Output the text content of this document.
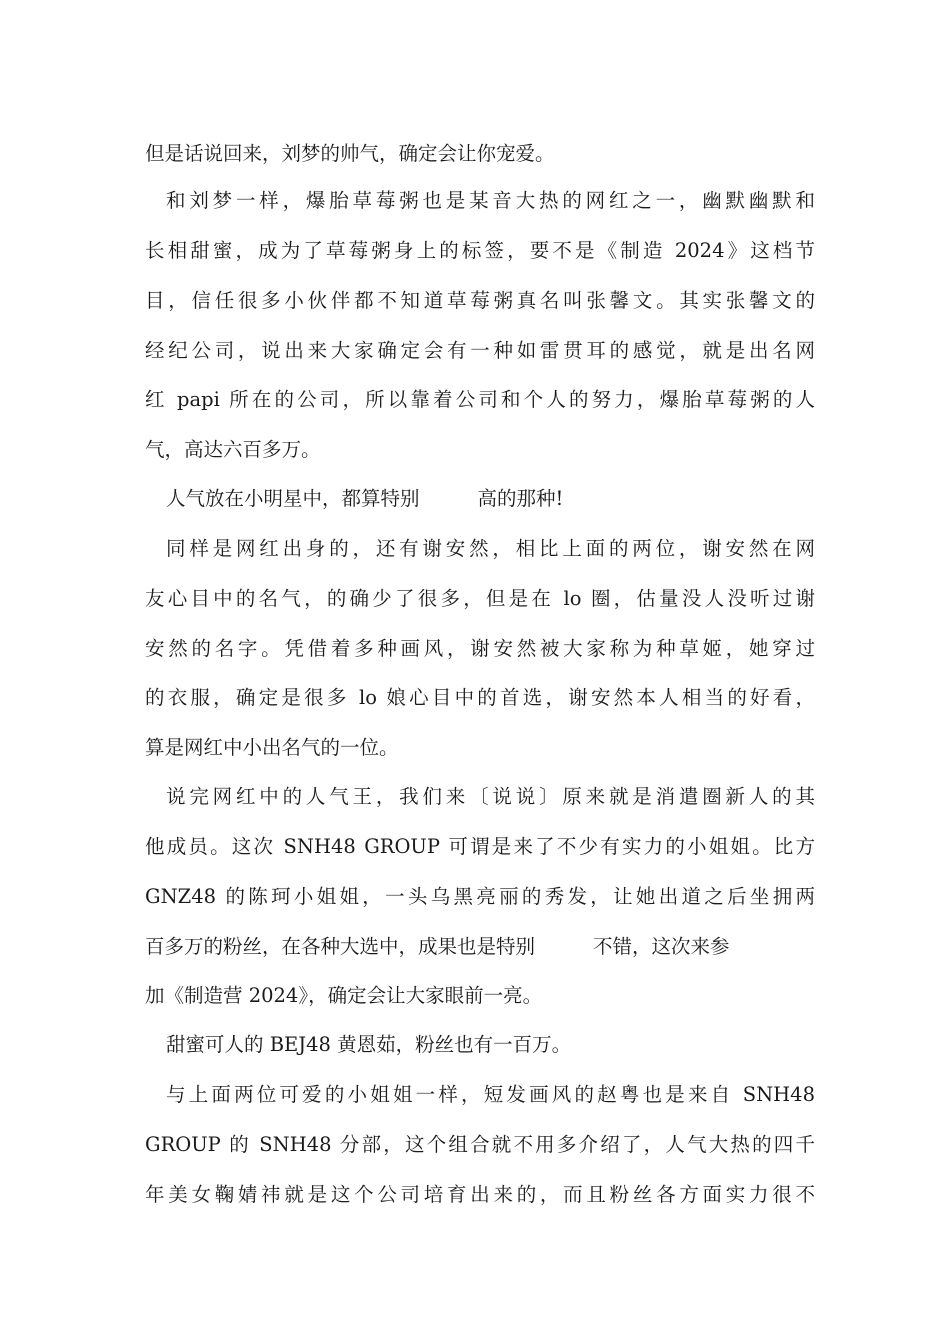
但是话说回来，刘梦的帅气，确定会让你宠爱。
和刘梦一样，爆胎草莓粥也是某音大热的网红之一，幽默幽默和
长相甜蜜，成为了草莓粥身上的标签，要不是《制造 2024》这档节
目，信任很多小伙伴都不知道草莓粥真名叫张馨文。其实张馨文的
经纪公司，说出来大家确定会有一种如雷贯耳的感觉，就是出名网
红 papi 所在的公司，所以靠着公司和个人的努力，爆胎草莓粥的人
气，高达六百多万。
人气放在小明星中，都算特别	高的那种!
同样是网红出身的，还有谢安然，相比上面的两位，谢安然在网
友心目中的名气，的确少了很多，但是在 lo 圈，估量没人没听过谢
安然的名字。凭借着多种画风，谢安然被大家称为种草姬，她穿过
的衣服，确定是很多 lo 娘心目中的首选，谢安然本人相当的好看，
算是网红中小出名气的一位。
说完网红中的人气王，我们来〔说说〕原来就是消遣圈新人的其
他成员。这次 SNH48 GROUP 可谓是来了不少有实力的小姐姐。比方
GNZ48 的陈珂小姐姐，一头乌黑亮丽的秀发，让她出道之后坐拥两
百多万的粉丝，在各种大选中，成果也是特别	不错，这次来参
加《制造营 2024》，确定会让大家眼前一亮。
甜蜜可人的 BEJ48 黄恩茹，粉丝也有一百万。
与上面两位可爱的小姐姐一样，短发画风的赵粤也是来自 SNH48
GROUP 的 SNH48 分部，这个组合就不用多介绍了，人气大热的四千
年美女鞠婧祎就是这个公司培育出来的，而且粉丝各方面实力很不
